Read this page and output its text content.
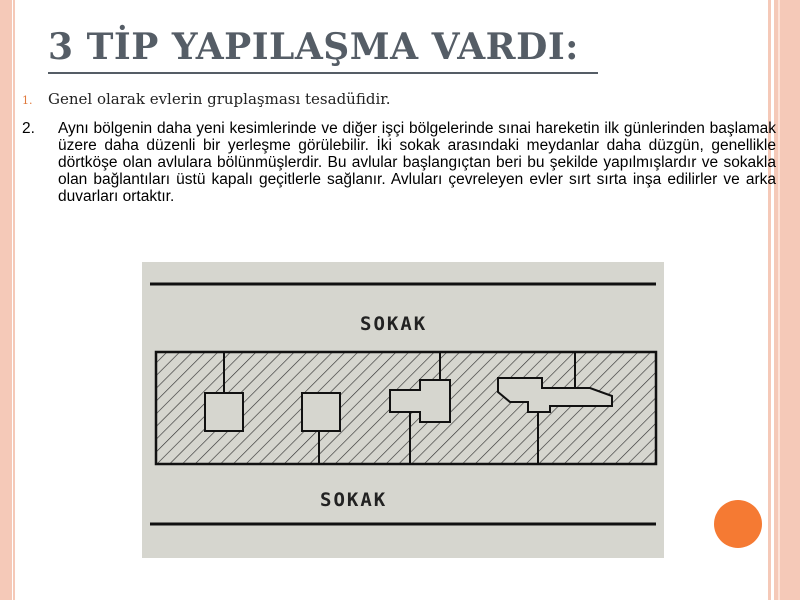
3 TİP YAPILAŞMA VARDI:
1. Genel olarak evlerin gruplaşması tesadüfidir.
2.	Aynı bölgenin daha yeni kesimlerinde ve diğer işçi bölgelerinde sınai hareketin ilk günlerinden başlamak üzere daha düzenli bir yerleşme görülebilir. İki sokak arasındaki meydanlar daha düzgün, genellikle dörtköşe olan avlulara bölünmüşlerdir. Bu avlular başlangıçtan beri bu şekilde yapılmışlardır ve sokakla olan bağlantıları üstü kapalı geçitlerle sağlanır. Avluları çevreleyen evler sırt sırta inşa edilirler ve arka duvarları ortaktır.
SOKAK
SOKAK
